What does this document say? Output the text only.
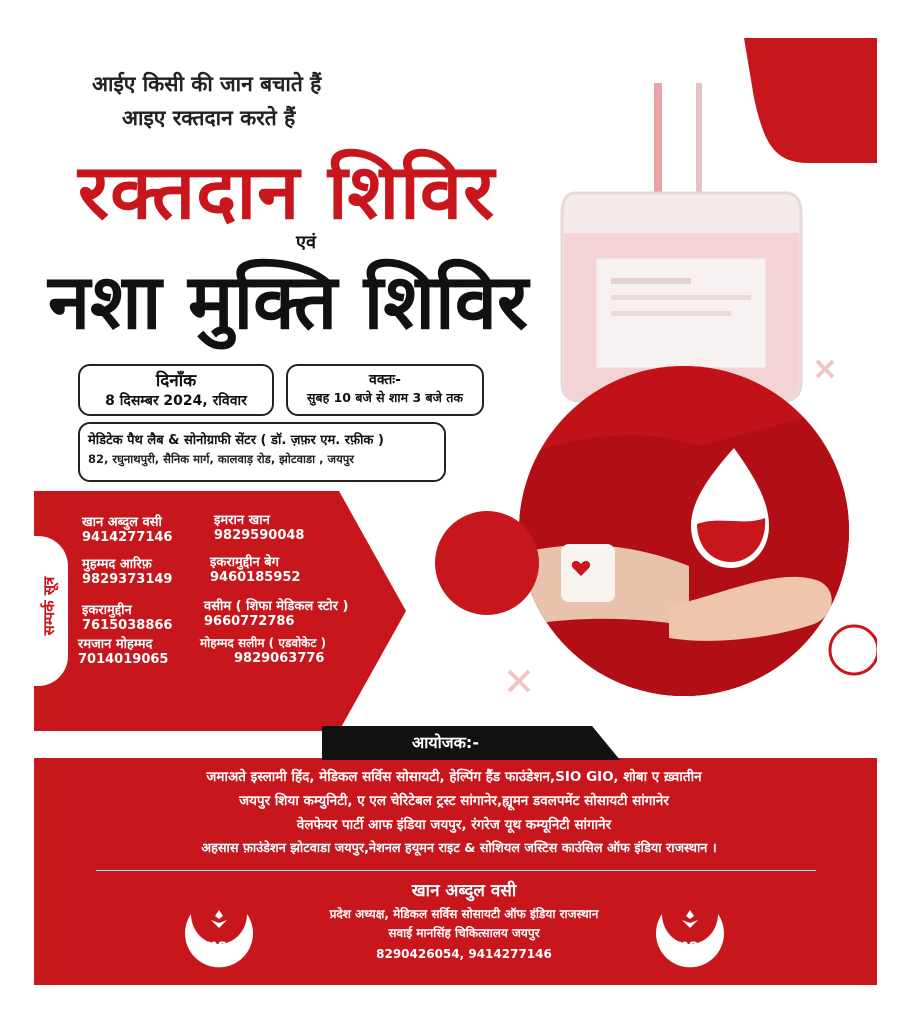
आईए किसी की जान बचाते हैं
आइए रक्तदान करते हैं
रक्तदान शिविर
एवं
नशा मुक्ति शिविर
दिनाँक
8 दिसम्बर 2024, रविवार
वक्तः-
सुबह 10 बजे से शाम 3 बजे तक
मेडिटेक पैथ लैब & सोनोग्राफी सेंटर ( डॉ. ज़फ़र एम. रफ़ीक )
82, रघुनाथपुरी, सैनिक मार्ग, कालवाड़ रोड, झोटवाडा , जयपुर
सम्पर्क सूत्र
खान अब्दुल वसी
9414277146
मुहम्मद आरिफ़
9829373149
इकरामुद्दीन
7615038866
रमजान मोहम्मद
7014019065
इमरान खान
9829590048
इकरामुद्दीन बेग
9460185952
वसीम ( शिफा मेडिकल स्टोर )
9660772786
मोहम्मद सलीम ( एडवोकेट )
9829063776
आयोजक:-
जमाअते इस्लामी हिंद, मेडिकल सर्विस सोसायटी, हेल्पिंग हैंड फाउंडेशन,SIO GIO, शोबा ए ख़्वातीन
जयपुर शिया कम्युनिटी, ए एल चेरिटेबल ट्रस्ट सांगानेर,ह्यूमन डवलपमेंट सोसायटी सांगानेर
वेलफेयर पार्टी आफ इंडिया जयपुर, रंगरेज यूथ कम्यूनिटी सांगानेर
अहसास फ़ाउंडेशन झोटवाडा जयपुर,नेशनल हयूमन राइट & सोशियल जस्टिस काउंसिल ऑफ इंडिया राजस्थान ।
खान अब्दुल वसी
प्रदेश अध्यक्ष, मेडिकल सर्विस सोसायटी ऑफ इंडिया राजस्थान
सवाई मानसिंह चिकित्सालय जयपुर
8290426054, 9414277146
mss	mss
